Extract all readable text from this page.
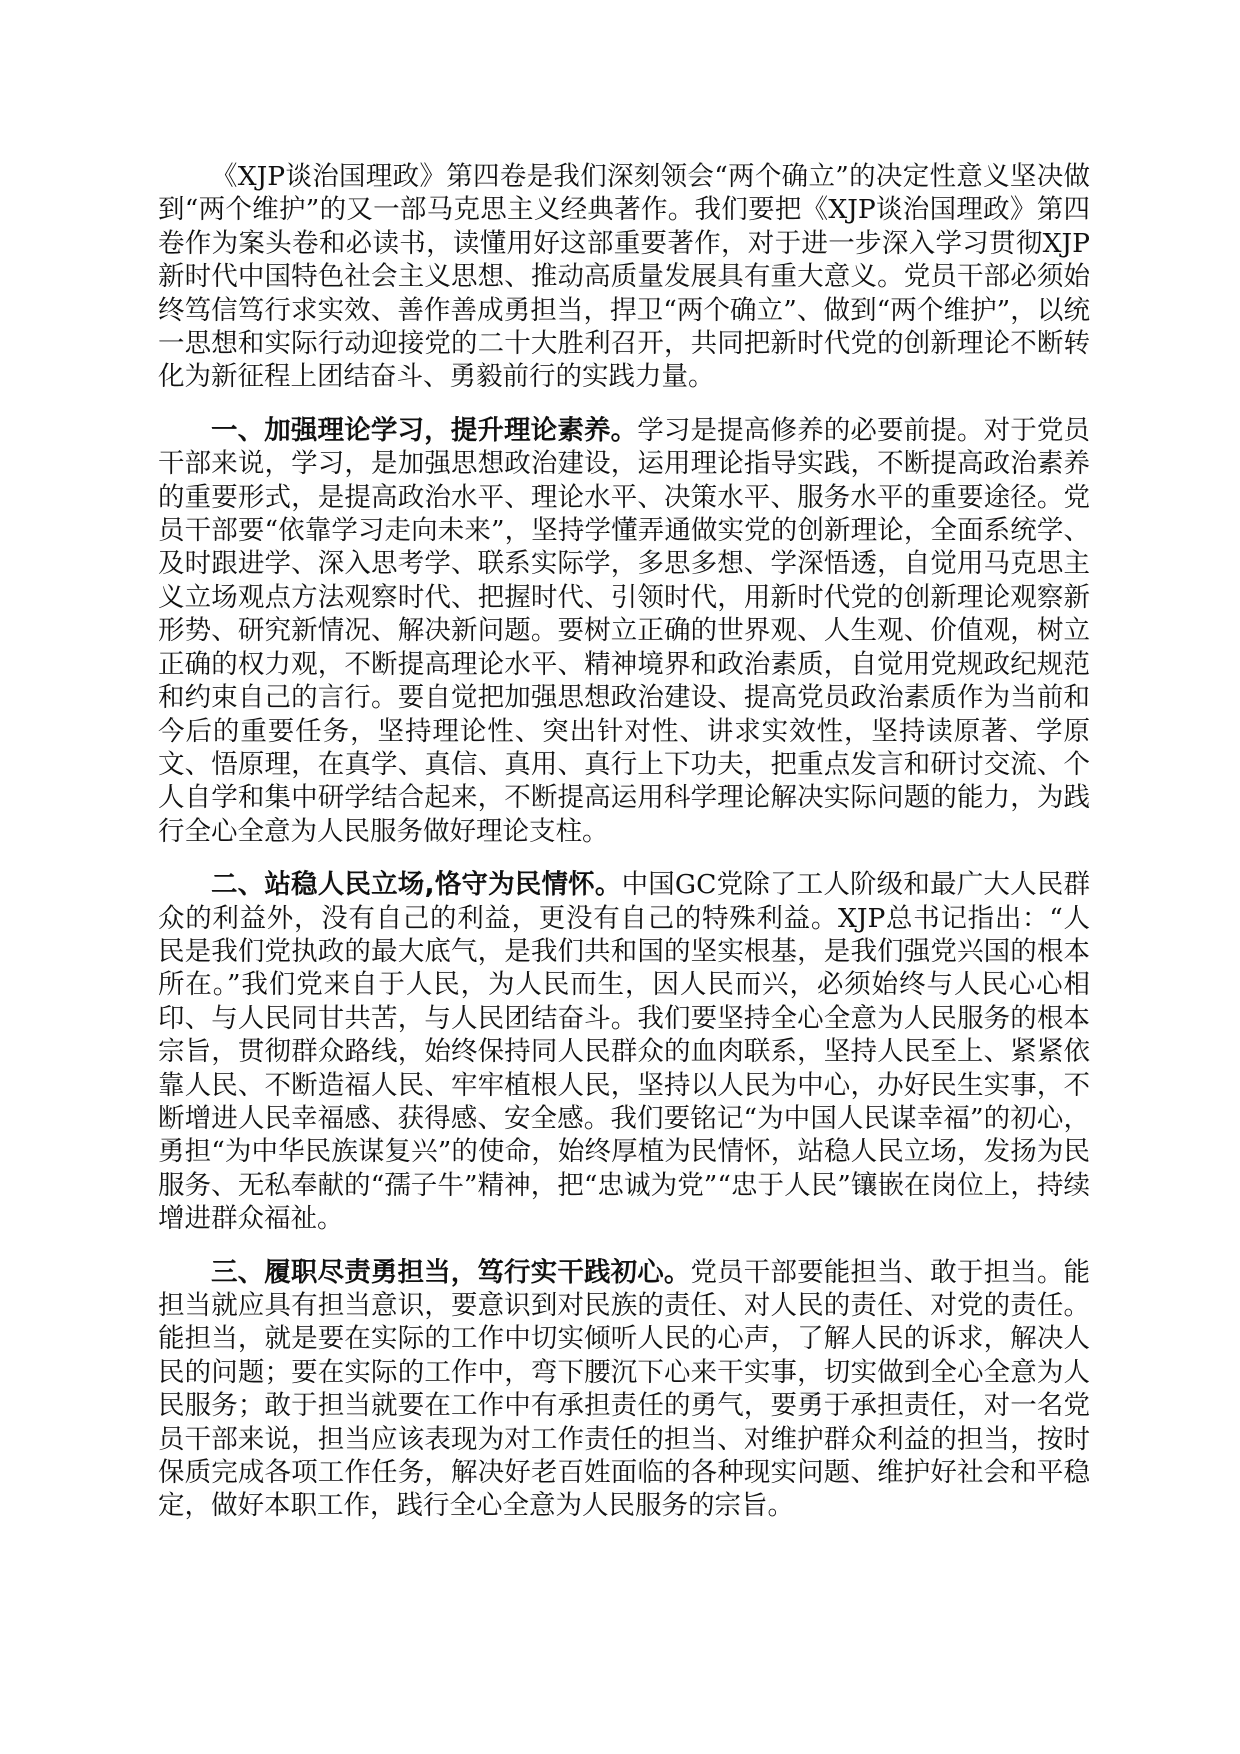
《XJP谈治国理政》第四卷是我们深刻领会“两个确立”的决定性意义坚决做到“两个维护”的又一部马克思主义经典著作。我们要把《XJP谈治国理政》第四卷作为案头卷和必读书，读懂用好这部重要著作，对于进一步深入学习贯彻XJP新时代中国特色社会主义思想、推动高质量发展具有重大意义。党员干部必须始终笃信笃行求实效、善作善成勇担当，捍卫“两个确立”、做到“两个维护”，以统一思想和实际行动迎接党的二十大胜利召开，共同把新时代党的创新理论不断转化为新征程上团结奋斗、勇毅前行的实践力量。

一、加强理论学习，提升理论素养。学习是提高修养的必要前提。对于党员干部来说，学习，是加强思想政治建设，运用理论指导实践，不断提高政治素养的重要形式，是提高政治水平、理论水平、决策水平、服务水平的重要途径。党员干部要“依靠学习走向未来”，坚持学懂弄通做实党的创新理论，全面系统学、及时跟进学、深入思考学、联系实际学，多思多想、学深悟透，自觉用马克思主义立场观点方法观察时代、把握时代、引领时代，用新时代党的创新理论观察新形势、研究新情况、解决新问题。要树立正确的世界观、人生观、价值观，树立正确的权力观，不断提高理论水平、精神境界和政治素质，自觉用党规政纪规范和约束自己的言行。要自觉把加强思想政治建设、提高党员政治素质作为当前和今后的重要任务，坚持理论性、突出针对性、讲求实效性，坚持读原著、学原文、悟原理，在真学、真信、真用、真行上下功夫，把重点发言和研讨交流、个人自学和集中研学结合起来，不断提高运用科学理论解决实际问题的能力，为践行全心全意为人民服务做好理论支柱。

二、站稳人民立场,恪守为民情怀。中国GC党除了工人阶级和最广大人民群众的利益外，没有自己的利益，更没有自己的特殊利益。XJP总书记指出：“人民是我们党执政的最大底气，是我们共和国的坚实根基，是我们强党兴国的根本所在。”我们党来自于人民，为人民而生，因人民而兴，必须始终与人民心心相印、与人民同甘共苦，与人民团结奋斗。我们要坚持全心全意为人民服务的根本宗旨，贯彻群众路线，始终保持同人民群众的血肉联系，坚持人民至上、紧紧依靠人民、不断造福人民、牢牢植根人民，坚持以人民为中心，办好民生实事，不断增进人民幸福感、获得感、安全感。我们要铭记“为中国人民谋幸福”的初心，勇担“为中华民族谋复兴”的使命，始终厚植为民情怀，站稳人民立场，发扬为民服务、无私奉献的“孺子牛”精神，把“忠诚为党”“忠于人民”镶嵌在岗位上，持续增进群众福祉。

三、履职尽责勇担当，笃行实干践初心。党员干部要能担当、敢于担当。能担当就应具有担当意识，要意识到对民族的责任、对人民的责任、对党的责任。能担当，就是要在实际的工作中切实倾听人民的心声，了解人民的诉求，解决人民的问题；要在实际的工作中，弯下腰沉下心来干实事，切实做到全心全意为人民服务；敢于担当就要在工作中有承担责任的勇气，要勇于承担责任，对一名党员干部来说，担当应该表现为对工作责任的担当、对维护群众利益的担当，按时保质完成各项工作任务，解决好老百姓面临的各种现实问题、维护好社会和平稳定，做好本职工作，践行全心全意为人民服务的宗旨。
